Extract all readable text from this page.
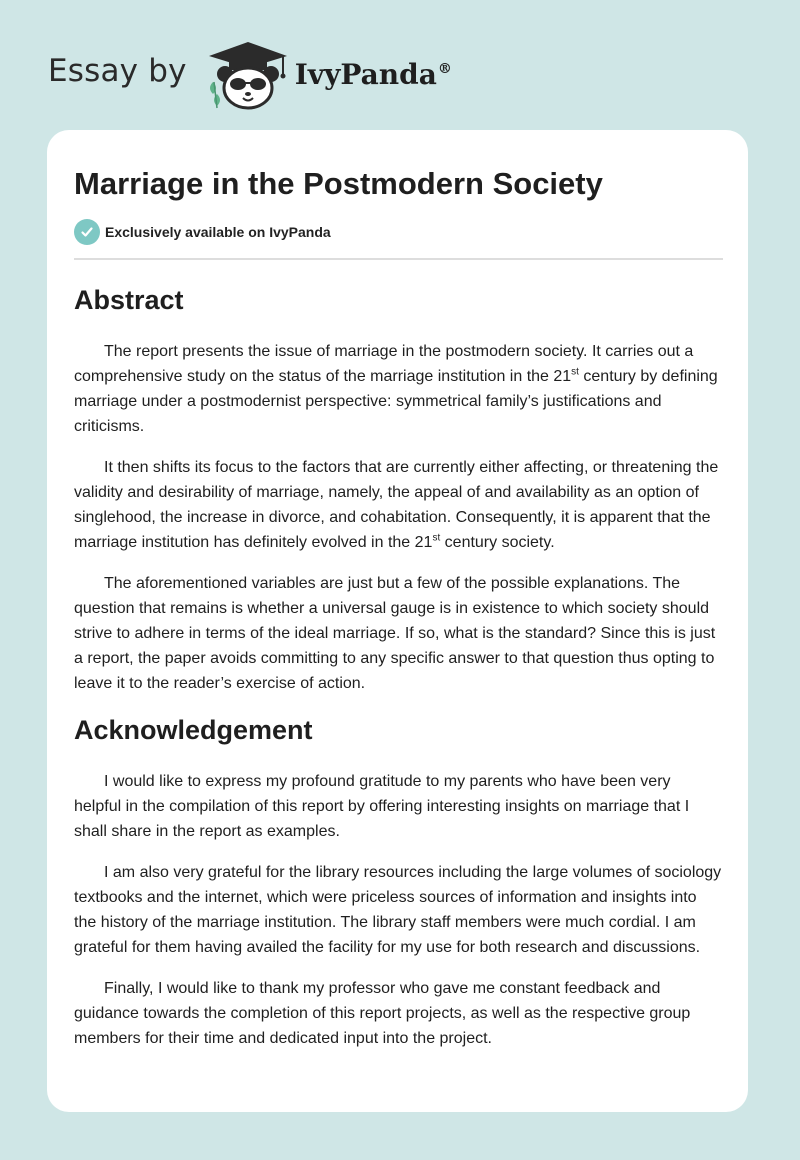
Essay by	IvyPanda®
Marriage in the Postmodern Society
Exclusively available on IvyPanda
Abstract

The report presents the issue of marriage in the postmodern society. It carries out a comprehensive study on the status of the marriage institution in the 21st century by defining marriage under a postmodernist perspective: symmetrical family’s justifications and criticisms.

It then shifts its focus to the factors that are currently either affecting, or threatening the validity and desirability of marriage, namely, the appeal of and availability as an option of singlehood, the increase in divorce, and cohabitation. Consequently, it is apparent that the marriage institution has definitely evolved in the 21st century society.

The aforementioned variables are just but a few of the possible explanations. The question that remains is whether a universal gauge is in existence to which society should strive to adhere in terms of the ideal marriage. If so, what is the standard? Since this is just a report, the paper avoids committing to any specific answer to that question thus opting to leave it to the reader’s exercise of action.

Acknowledgement

I would like to express my profound gratitude to my parents who have been very helpful in the compilation of this report by offering interesting insights on marriage that I shall share in the report as examples.

I am also very grateful for the library resources including the large volumes of sociology textbooks and the internet, which were priceless sources of information and insights into the history of the marriage institution. The library staff members were much cordial. I am grateful for them having availed the facility for my use for both research and discussions.

Finally, I would like to thank my professor who gave me constant feedback and guidance towards the completion of this report projects, as well as the respective group members for their time and dedicated input into the project.
